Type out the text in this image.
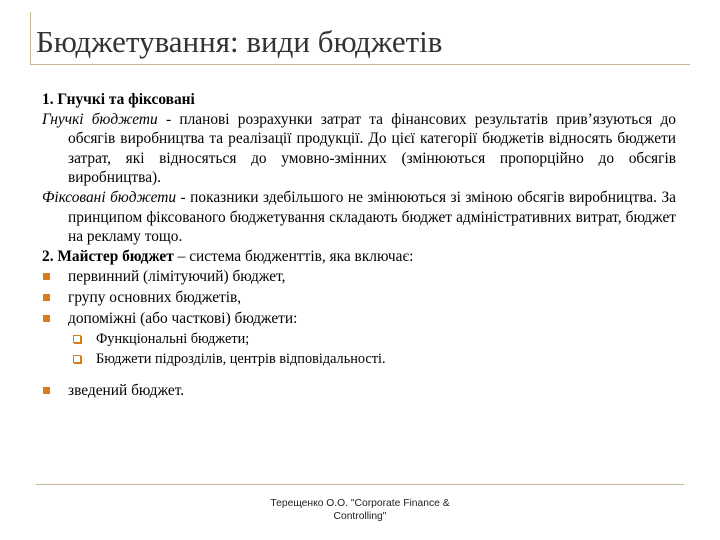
Бюджетування: види бюджетів

1. Гнучкі та фіксовані

Гнучкі бюджети - планові розрахунки затрат та фінансових результатів прив’язуються до обсягів виробництва та реалізації продукції. До цієї категорії бюджетів відносять бюджети затрат, які відносяться до умовно-змінних (змінюються пропорційно до обсягів виробництва).

Фіксовані бюджети - показники здебільшого не змінюються зі зміною обсягів виробництва. За принципом фіксованого бюджетування складають бюджет адміністративних витрат, бюджет на рекламу тощо.

2. Майстер бюджет – система бюдженттів, яка включає:

первинний (лімітуючий) бюджет,

групу основних бюджетів,

допоміжні (або часткові) бюджети:

Функціональні бюджети;

Бюджети підрозділів, центрів відповідальності.

зведений бюджет.

Терещенко О.О. "Corporate Finance &
Controlling"
